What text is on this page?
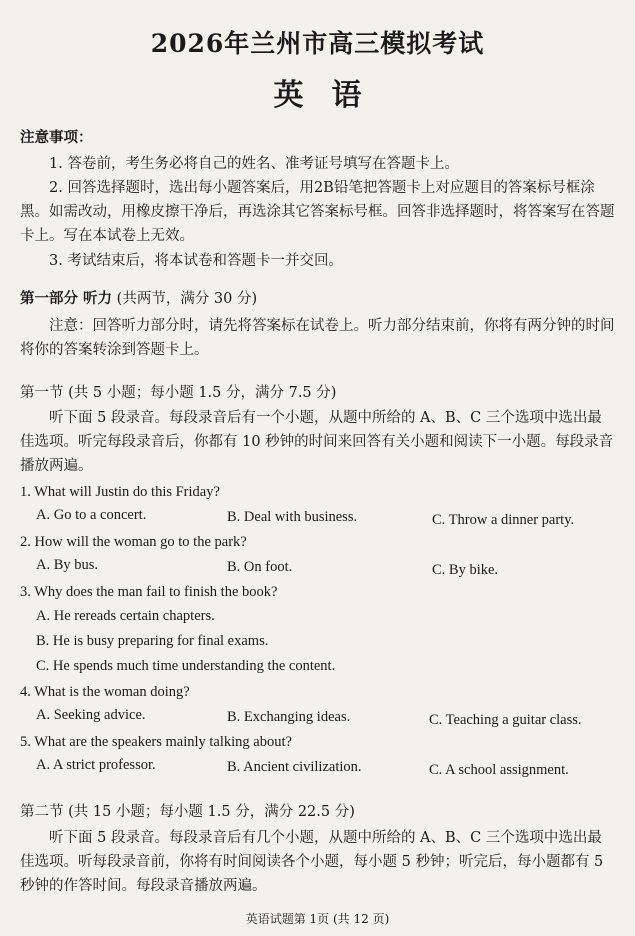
2026年兰州市高三模拟考试
英语
注意事项：
1. 答卷前，考生务必将自己的姓名、准考证号填写在答题卡上。
2. 回答选择题时，选出每小题答案后，用2B铅笔把答题卡上对应题目的答案标号框涂黑。如需改动，用橡皮擦干净后，再选涂其它答案标号框。回答非选择题时，将答案写在答题卡上。写在本试卷上无效。
3. 考试结束后，将本试卷和答题卡一并交回。
第一部分 听力 (共两节，满分 30 分)
注意：回答听力部分时，请先将答案标在试卷上。听力部分结束前，你将有两分钟的时间将你的答案转涂到答题卡上。
第一节 (共 5 小题；每小题 1.5 分，满分 7.5 分)
听下面 5 段录音。每段录音后有一个小题，从题中所给的 A、B、C 三个选项中选出最佳选项。听完每段录音后，你都有 10 秒钟的时间来回答有关小题和阅读下一小题。每段录音播放两遍。
1. What will Justin do this Friday?
A. Go to a concert.	B. Deal with business.	C. Throw a dinner party.
2. How will the woman go to the park?
A. By bus.	B. On foot.	C. By bike.
3. Why does the man fail to finish the book?
A. He rereads certain chapters.
B. He is busy preparing for final exams.
C. He spends much time understanding the content.
4. What is the woman doing?
A. Seeking advice.	B. Exchanging ideas.	C. Teaching a guitar class.
5. What are the speakers mainly talking about?
A. A strict professor.	B. Ancient civilization.	C. A school assignment.
第二节 (共 15 小题；每小题 1.5 分，满分 22.5 分)
听下面 5 段录音。每段录音后有几个小题，从题中所给的 A、B、C 三个选项中选出最佳选项。听每段录音前，你将有时间阅读各个小题，每小题 5 秒钟；听完后，每小题都有 5 秒钟的作答时间。每段录音播放两遍。
英语试题第 1页 (共 12 页)
